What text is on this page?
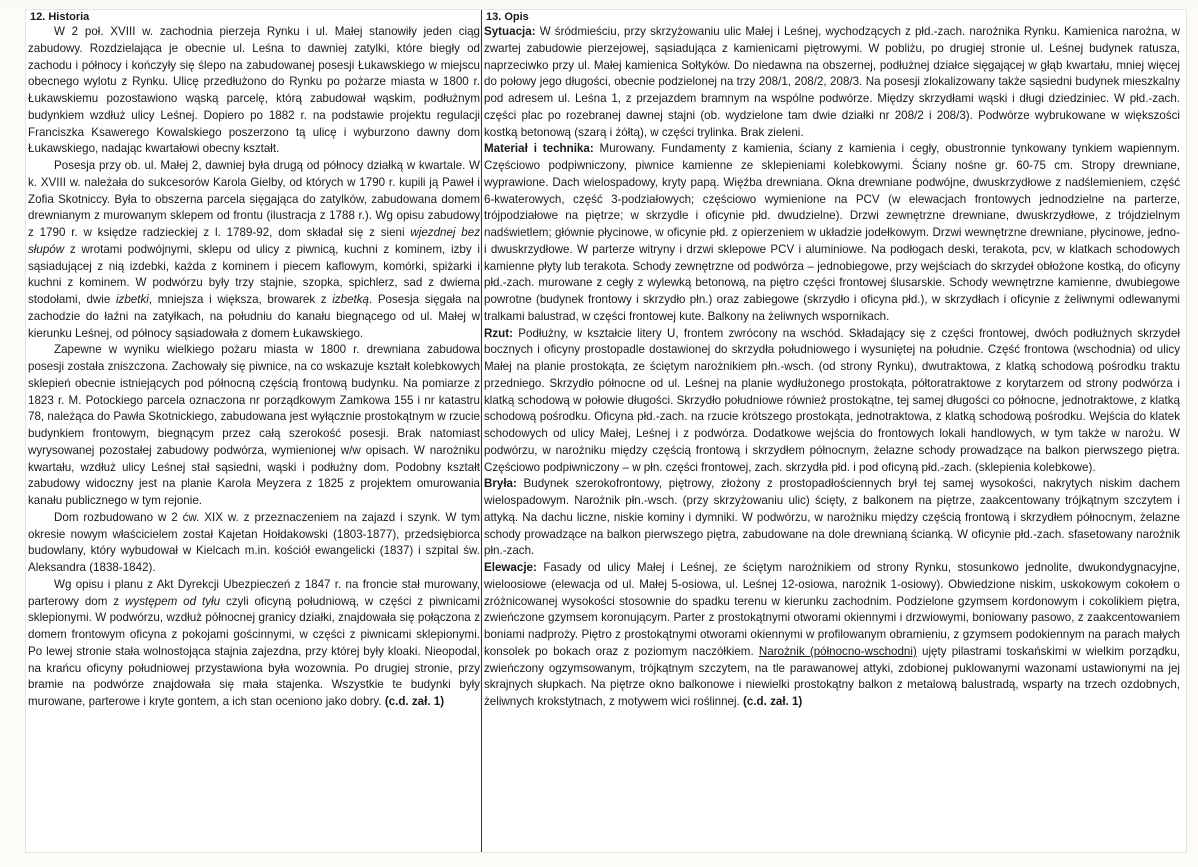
12. Historia

W 2 poł. XVIII w. zachodnia pierzeja Rynku i ul. Małej stanowiły jeden ciąg zabudowy. Rozdzielająca je obecnie ul. Leśna to dawniej zatylki, które biegły od zachodu i północy i kończyły się ślepo na zabudowanej posesji Łukawskiego w miejscu obecnego wylotu z Rynku. Ulicę przedłużono do Rynku po pożarze miasta w 1800 r. Łukawskiemu pozostawiono wąską parcelę, którą zabudował wąskim, podłużnym budynkiem wzdłuż ulicy Leśnej. Dopiero po 1882 r. na podstawie projektu regulacji Franciszka Ksawerego Kowalskiego poszerzono tą ulicę i wyburzono dawny dom Łukawskiego, nadając kwartałowi obecny kształt.

Posesja przy ob. ul. Małej 2, dawniej była drugą od północy działką w kwartale. W k. XVIII w. należała do sukcesorów Karola Gielby, od których w 1790 r. kupili ją Paweł i Zofia Skotniccy. Była to obszerna parcela sięgająca do zatylków, zabudowana domem drewnianym z murowanym sklepem od frontu (ilustracja z 1788 r.). Wg opisu zabudowy z 1790 r. w księdze radzieckiej z l. 1789-92, dom składał się z sieni wjezdnej bez słupów z wrotami podwójnymi, sklepu od ulicy z piwnicą, kuchni z kominem, izby i sąsiadującej z nią izdebki, każda z kominem i piecem kaflowym, komórki, spiżarki i kuchni z kominem. W podwórzu były trzy stajnie, szopka, spichlerz, sad z dwiema stodołami, dwie izbetki, mniejsza i większa, browarek z izbetką. Posesja sięgała na zachodzie do łaźni na zatyłkach, na południu do kanału biegnącego od ul. Małej w kierunku Leśnej, od północy sąsiadowała z domem Łukawskiego.

Zapewne w wyniku wielkiego pożaru miasta w 1800 r. drewniana zabudowa posesji została zniszczona. Zachowały się piwnice, na co wskazuje kształt kolebkowych sklepień obecnie istniejących pod północną częścią frontową budynku. Na pomiarze z 1823 r. M. Potockiego parcela oznaczona nr porządkowym Zamkowa 155 i nr katastru 78, należąca do Pawła Skotnickiego, zabudowana jest wyłącznie prostokątnym w rzucie budynkiem frontowym, biegnącym przez całą szerokość posesji. Brak natomiast wyrysowanej pozostałej zabudowy podwórza, wymienionej w/w opisach. W narożniku kwartału, wzdłuż ulicy Leśnej stał sąsiedni, wąski i podłużny dom. Podobny kształt zabudowy widoczny jest na planie Karola Meyzera z 1825 z projektem omurowania kanału publicznego w tym rejonie.

Dom rozbudowano w 2 ćw. XIX w. z przeznaczeniem na zajazd i szynk. W tym okresie nowym właścicielem został Kajetan Hołdakowski (1803-1877), przedsiębiorca budowlany, który wybudował w Kielcach m.in. kościół ewangelicki (1837) i szpital św. Aleksandra (1838-1842).

Wg opisu i planu z Akt Dyrekcji Ubezpieczeń z 1847 r. na froncie stał murowany, parterowy dom z występem od tyłu czyli oficyną południową, w części z piwnicami sklepionymi. W podwórzu, wzdłuż północnej granicy działki, znajdowała się połączona z domem frontowym oficyna z pokojami gościnnymi, w części z piwnicami sklepionymi. Po lewej stronie stała wolnostojąca stajnia zajezdna, przy której były kloaki. Nieopodal, na krańcu oficyny południowej przystawiona była wozownia. Po drugiej stronie, przy bramie na podwórze znajdowała się mała stajenka. Wszystkie te budynki były murowane, parterowe i kryte gontem, a ich stan oceniono jako dobry. (c.d. zał. 1)

13. Opis

Sytuacja: W śródmieściu, przy skrzyżowaniu ulic Małej i Leśnej, wychodzących z płd.-zach. narożnika Rynku. Kamienica narożna, w zwartej zabudowie pierzejowej, sąsiadująca z kamienicami piętrowymi. W pobliżu, po drugiej stronie ul. Leśnej budynek ratusza, naprzeciwko przy ul. Małej kamienica Sołtyków. Do niedawna na obszernej, podłużnej działce sięgającej w głąb kwartału, mniej więcej do połowy jego długości, obecnie podzielonej na trzy 208/1, 208/2, 208/3. Na posesji zlokalizowany także sąsiedni budynek mieszkalny pod adresem ul. Leśna 1, z przejazdem bramnym na wspólne podwórze. Między skrzydłami wąski i długi dziedziniec. W płd.-zach. części plac po rozebranej dawnej stajni (ob. wydzielone tam dwie działki nr 208/2 i 208/3). Podwórze wybrukowane w większości kostką betonową (szarą i żółtą), w części trylinka. Brak zieleni.

Materiał i technika: Murowany. Fundamenty z kamienia, ściany z kamienia i cegły, obustronnie tynkowany tynkiem wapiennym. Częściowo podpiwniczony, piwnice kamienne ze sklepieniami kolebkowymi. Ściany nośne gr. 60-75 cm. Stropy drewniane, wyprawione. Dach wielospadowy, kryty papą. Więźba drewniana. Okna drewniane podwójne, dwuskrzydłowe z nadślemieniem, część 6-kwaterowych, część 3-podziałowych; częściowo wymienione na PCV (w elewacjach frontowych jednodzielne na parterze, trójpodziałowe na piętrze; w skrzydle i oficynie płd. dwudzielne). Drzwi zewnętrzne drewniane, dwuskrzydłowe, z trójdzielnym nadświetlem; głównie płycinowe, w oficynie płd. z opierzeniem w układzie jodełkowym. Drzwi wewnętrzne drewniane, płycinowe, jedno- i dwuskrzydłowe. W parterze witryny i drzwi sklepowe PCV i aluminiowe. Na podłogach deski, terakota, pcv, w klatkach schodowych kamienne płyty lub terakota. Schody zewnętrzne od podwórza – jednobiegowe, przy wejściach do skrzydeł obłożone kostką, do oficyny płd.-zach. murowane z cegły z wylewką betonową, na piętro części frontowej ślusarskie. Schody wewnętrzne kamienne, dwubiegowe powrotne (budynek frontowy i skrzydło płn.) oraz zabiegowe (skrzydło i oficyna płd.), w skrzydłach i oficynie z żeliwnymi odlewanymi tralkami balustrad, w części frontowej kute. Balkony na żeliwnych wspornikach.

Rzut: Podłużny, w kształcie litery U, frontem zwrócony na wschód. Składający się z części frontowej, dwóch podłużnych skrzydeł bocznych i oficyny prostopadle dostawionej do skrzydła południowego i wysuniętej na południe. Część frontowa (wschodnia) od ulicy Małej na planie prostokąta, ze ściętym narożnikiem płn.-wsch. (od strony Rynku), dwutraktowa, z klatką schodową pośrodku traktu przedniego. Skrzydło północne od ul. Leśnej na planie wydłużonego prostokąta, półtoratraktowe z korytarzem od strony podwórza i klatką schodową w połowie długości. Skrzydło południowe również prostokątne, tej samej długości co północne, jednotraktowe, z klatką schodową pośrodku. Oficyna płd.-zach. na rzucie krótszego prostokąta, jednotraktowa, z klatką schodową pośrodku. Wejścia do klatek schodowych od ulicy Małej, Leśnej i z podwórza. Dodatkowe wejścia do frontowych lokali handlowych, w tym także w narożu. W podwórzu, w narożniku między częścią frontową i skrzydłem północnym, żelazne schody prowadzące na balkon pierwszego piętra. Częściowo podpiwniczony – w płn. części frontowej, zach. skrzydła płd. i pod oficyną płd.-zach. (sklepienia kolebkowe).

Bryła: Budynek szerokofrontowy, piętrowy, złożony z prostopadłościennych brył tej samej wysokości, nakrytych niskim dachem wielospadowym. Narożnik płn.-wsch. (przy skrzyżowaniu ulic) ścięty, z balkonem na piętrze, zaakcentowany trójkątnym szczytem i attyką. Na dachu liczne, niskie kominy i dymniki. W podwórzu, w narożniku między częścią frontową i skrzydłem północnym, żelazne schody prowadzące na balkon pierwszego piętra, zabudowane na dole drewnianą ścianką. W oficynie płd.-zach. sfasetowany narożnik płn.-zach.

Elewacje: Fasady od ulicy Małej i Leśnej, ze ściętym narożnikiem od strony Rynku, stosunkowo jednolite, dwukondygnacyjne, wieloosiowe (elewacja od ul. Małej 5-osiowa, ul. Leśnej 12-osiowa, narożnik 1-osiowy). Obwiedzione niskim, uskokowym cokołem o zróżnicowanej wysokości stosownie do spadku terenu w kierunku zachodnim. Podzielone gzymsem kordonowym i cokolikiem piętra, zwieńczone gzymsem koronującym. Parter z prostokątnymi otworami okiennymi i drzwiowymi, boniowany pasowo, z zaakcentowaniem boniami nadproży. Piętro z prostokątnymi otworami okiennymi w profilowanym obramieniu, z gzymsem podokiennym na parach małych konsolek po bokach oraz z poziomym naczółkiem. Narożnik (północno-wschodni) ujęty pilastrami toskańskimi w wielkim porządku, zwieńczony ogzymsowanym, trójkątnym szczytem, na tle parawanowej attyki, zdobionej puklowanymi wazonami ustawionymi na jej skrajnych słupkach. Na piętrze okno balkonowe i niewielki prostokątny balkon z metalową balustradą, wsparty na trzech ozdobnych, żeliwnych krokstytnach, z motywem wici roślinnej. (c.d. zał. 1)
